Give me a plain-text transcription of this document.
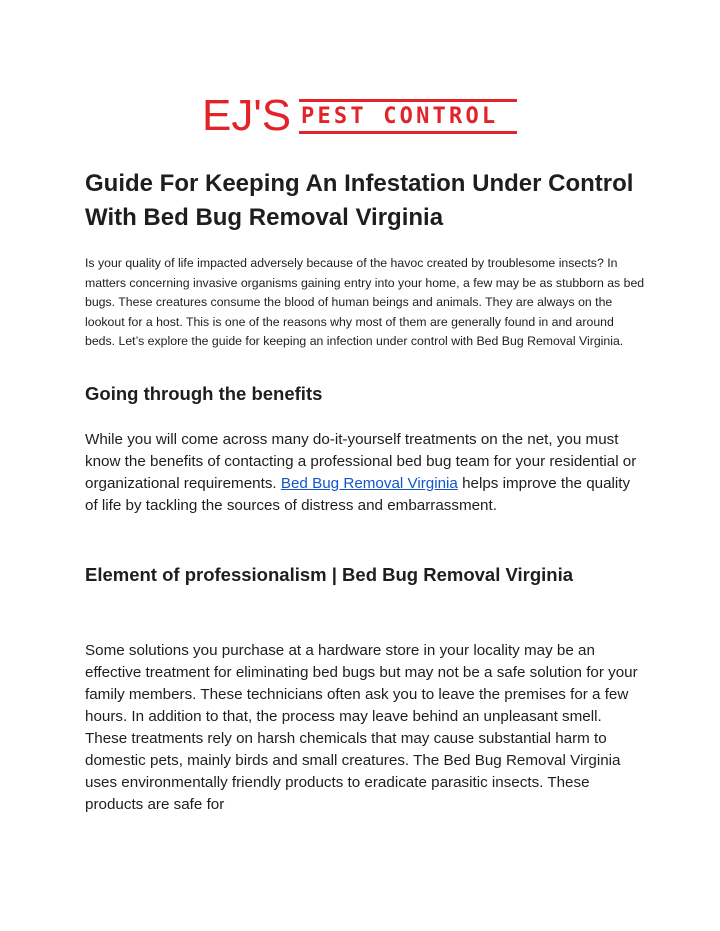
EJ'S PEST CONTROL
Guide For Keeping An Infestation Under Control With Bed Bug Removal Virginia

Is your quality of life impacted adversely because of the havoc created by troublesome insects? In matters concerning invasive organisms gaining entry into your home, a few may be as stubborn as bed bugs. These creatures consume the blood of human beings and animals. They are always on the lookout for a host. This is one of the reasons why most of them are generally found in and around beds. Let’s explore the guide for keeping an infection under control with Bed Bug Removal Virginia.

Going through the benefits

While you will come across many do-it-yourself treatments on the net, you must know the benefits of contacting a professional bed bug team for your residential or organizational requirements. Bed Bug Removal Virginia helps improve the quality of life by tackling the sources of distress and embarrassment.

Element of professionalism | Bed Bug Removal Virginia

Some solutions you purchase at a hardware store in your locality may be an effective treatment for eliminating bed bugs but may not be a safe solution for your family members. These technicians often ask you to leave the premises for a few hours. In addition to that, the process may leave behind an unpleasant smell. These treatments rely on harsh chemicals that may cause substantial harm to domestic pets, mainly birds and small creatures. The Bed Bug Removal Virginia uses environmentally friendly products to eradicate parasitic insects. These products are safe for
